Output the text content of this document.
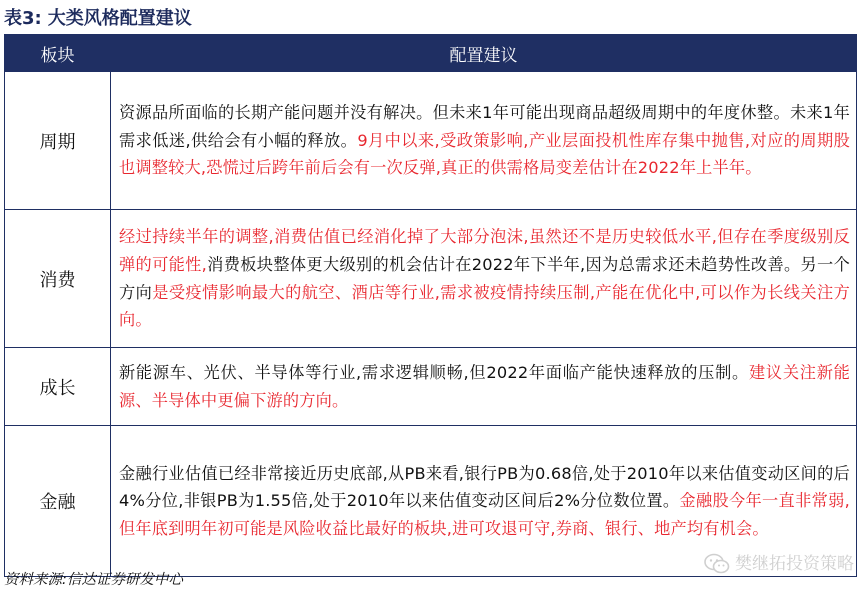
表3: 大类风格配置建议
板块	配置建议
周期	资源品所面临的长期产能问题并没有解决。但未来1年可能出现商品超级周期中的年度休整。未来1年需求低迷,供给会有小幅的释放。9月中以来,受政策影响,产业层面投机性库存集中抛售,对应的周期股也调整较大,恐慌过后跨年前后会有一次反弹,真正的供需格局变差估计在2022年上半年。
消费	经过持续半年的调整,消费估值已经消化掉了大部分泡沫,虽然还不是历史较低水平,但存在季度级别反弹的可能性,消费板块整体更大级别的机会估计在2022年下半年,因为总需求还未趋势性改善。另一个方向是受疫情影响最大的航空、酒店等行业,需求被疫情持续压制,产能在优化中,可以作为长线关注方向。
成长	新能源车、光伏、半导体等行业,需求逻辑顺畅,但2022年面临产能快速释放的压制。建议关注新能源、半导体中更偏下游的方向。
金融	金融行业估值已经非常接近历史底部,从PB来看,银行PB为0.68倍,处于2010年以来估值变动区间的后4%分位,非银PB为1.55倍,处于2010年以来估值变动区间后2%分位数位置。金融股今年一直非常弱,但年底到明年初可能是风险收益比最好的板块,进可攻退可守,券商、银行、地产均有机会。
资料来源:信达证券研发中心
樊继拓投资策略
